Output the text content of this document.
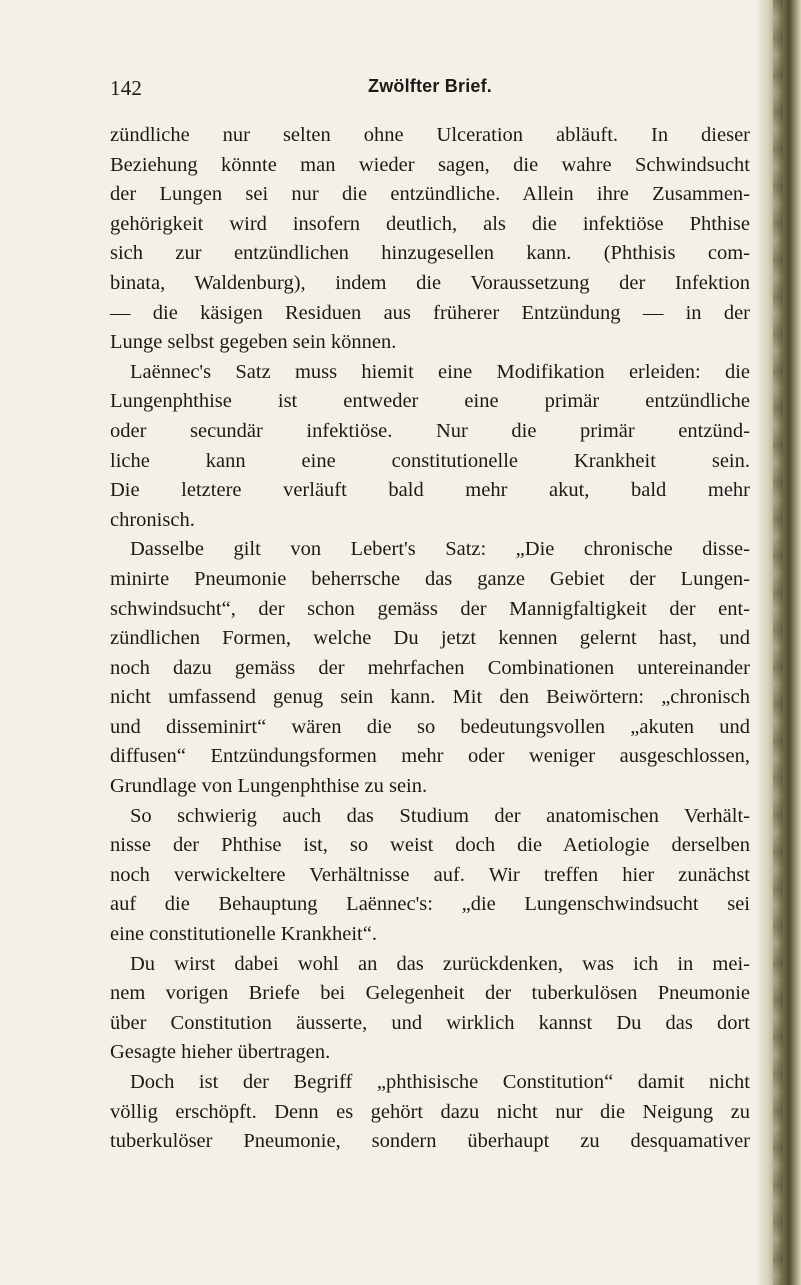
142	Zwölfter Brief.
zündliche nur selten ohne Ulceration abläuft. In dieser
Beziehung könnte man wieder sagen, die wahre Schwindsucht
der Lungen sei nur die entzündliche. Allein ihre Zusammen-
gehörigkeit wird insofern deutlich, als die infektiöse Phthise
sich zur entzündlichen hinzugesellen kann. (Phthisis com-
binata, Waldenburg), indem die Voraussetzung der Infektion
— die käsigen Residuen aus früherer Entzündung — in der
Lunge selbst gegeben sein können.
Laënnec's Satz muss hiemit eine Modifikation erleiden: die
Lungenphthise ist entweder eine primär entzündliche
oder secundär infektiöse. Nur die primär entzünd-
liche kann eine constitutionelle Krankheit sein.
Die letztere verläuft bald mehr akut, bald mehr
chronisch.
Dasselbe gilt von Lebert's Satz: „Die chronische disse-
minirte Pneumonie beherrsche das ganze Gebiet der Lungen-
schwindsucht“, der schon gemäss der Mannigfaltigkeit der ent-
zündlichen Formen, welche Du jetzt kennen gelernt hast, und
noch dazu gemäss der mehrfachen Combinationen untereinander
nicht umfassend genug sein kann. Mit den Beiwörtern: „chronisch
und disseminirt“ wären die so bedeutungsvollen „akuten und
diffusen“ Entzündungsformen mehr oder weniger ausgeschlossen,
Grundlage von Lungenphthise zu sein.
So schwierig auch das Studium der anatomischen Verhält-
nisse der Phthise ist, so weist doch die Aetiologie derselben
noch verwickeltere Verhältnisse auf. Wir treffen hier zunächst
auf die Behauptung Laënnec's: „die Lungenschwindsucht sei
eine constitutionelle Krankheit“.
Du wirst dabei wohl an das zurückdenken, was ich in mei-
nem vorigen Briefe bei Gelegenheit der tuberkulösen Pneumonie
über Constitution äusserte, und wirklich kannst Du das dort
Gesagte hieher übertragen.
Doch ist der Begriff „phthisische Constitution“ damit nicht
völlig erschöpft. Denn es gehört dazu nicht nur die Neigung zu
tuberkulöser Pneumonie, sondern überhaupt zu desquamativer
